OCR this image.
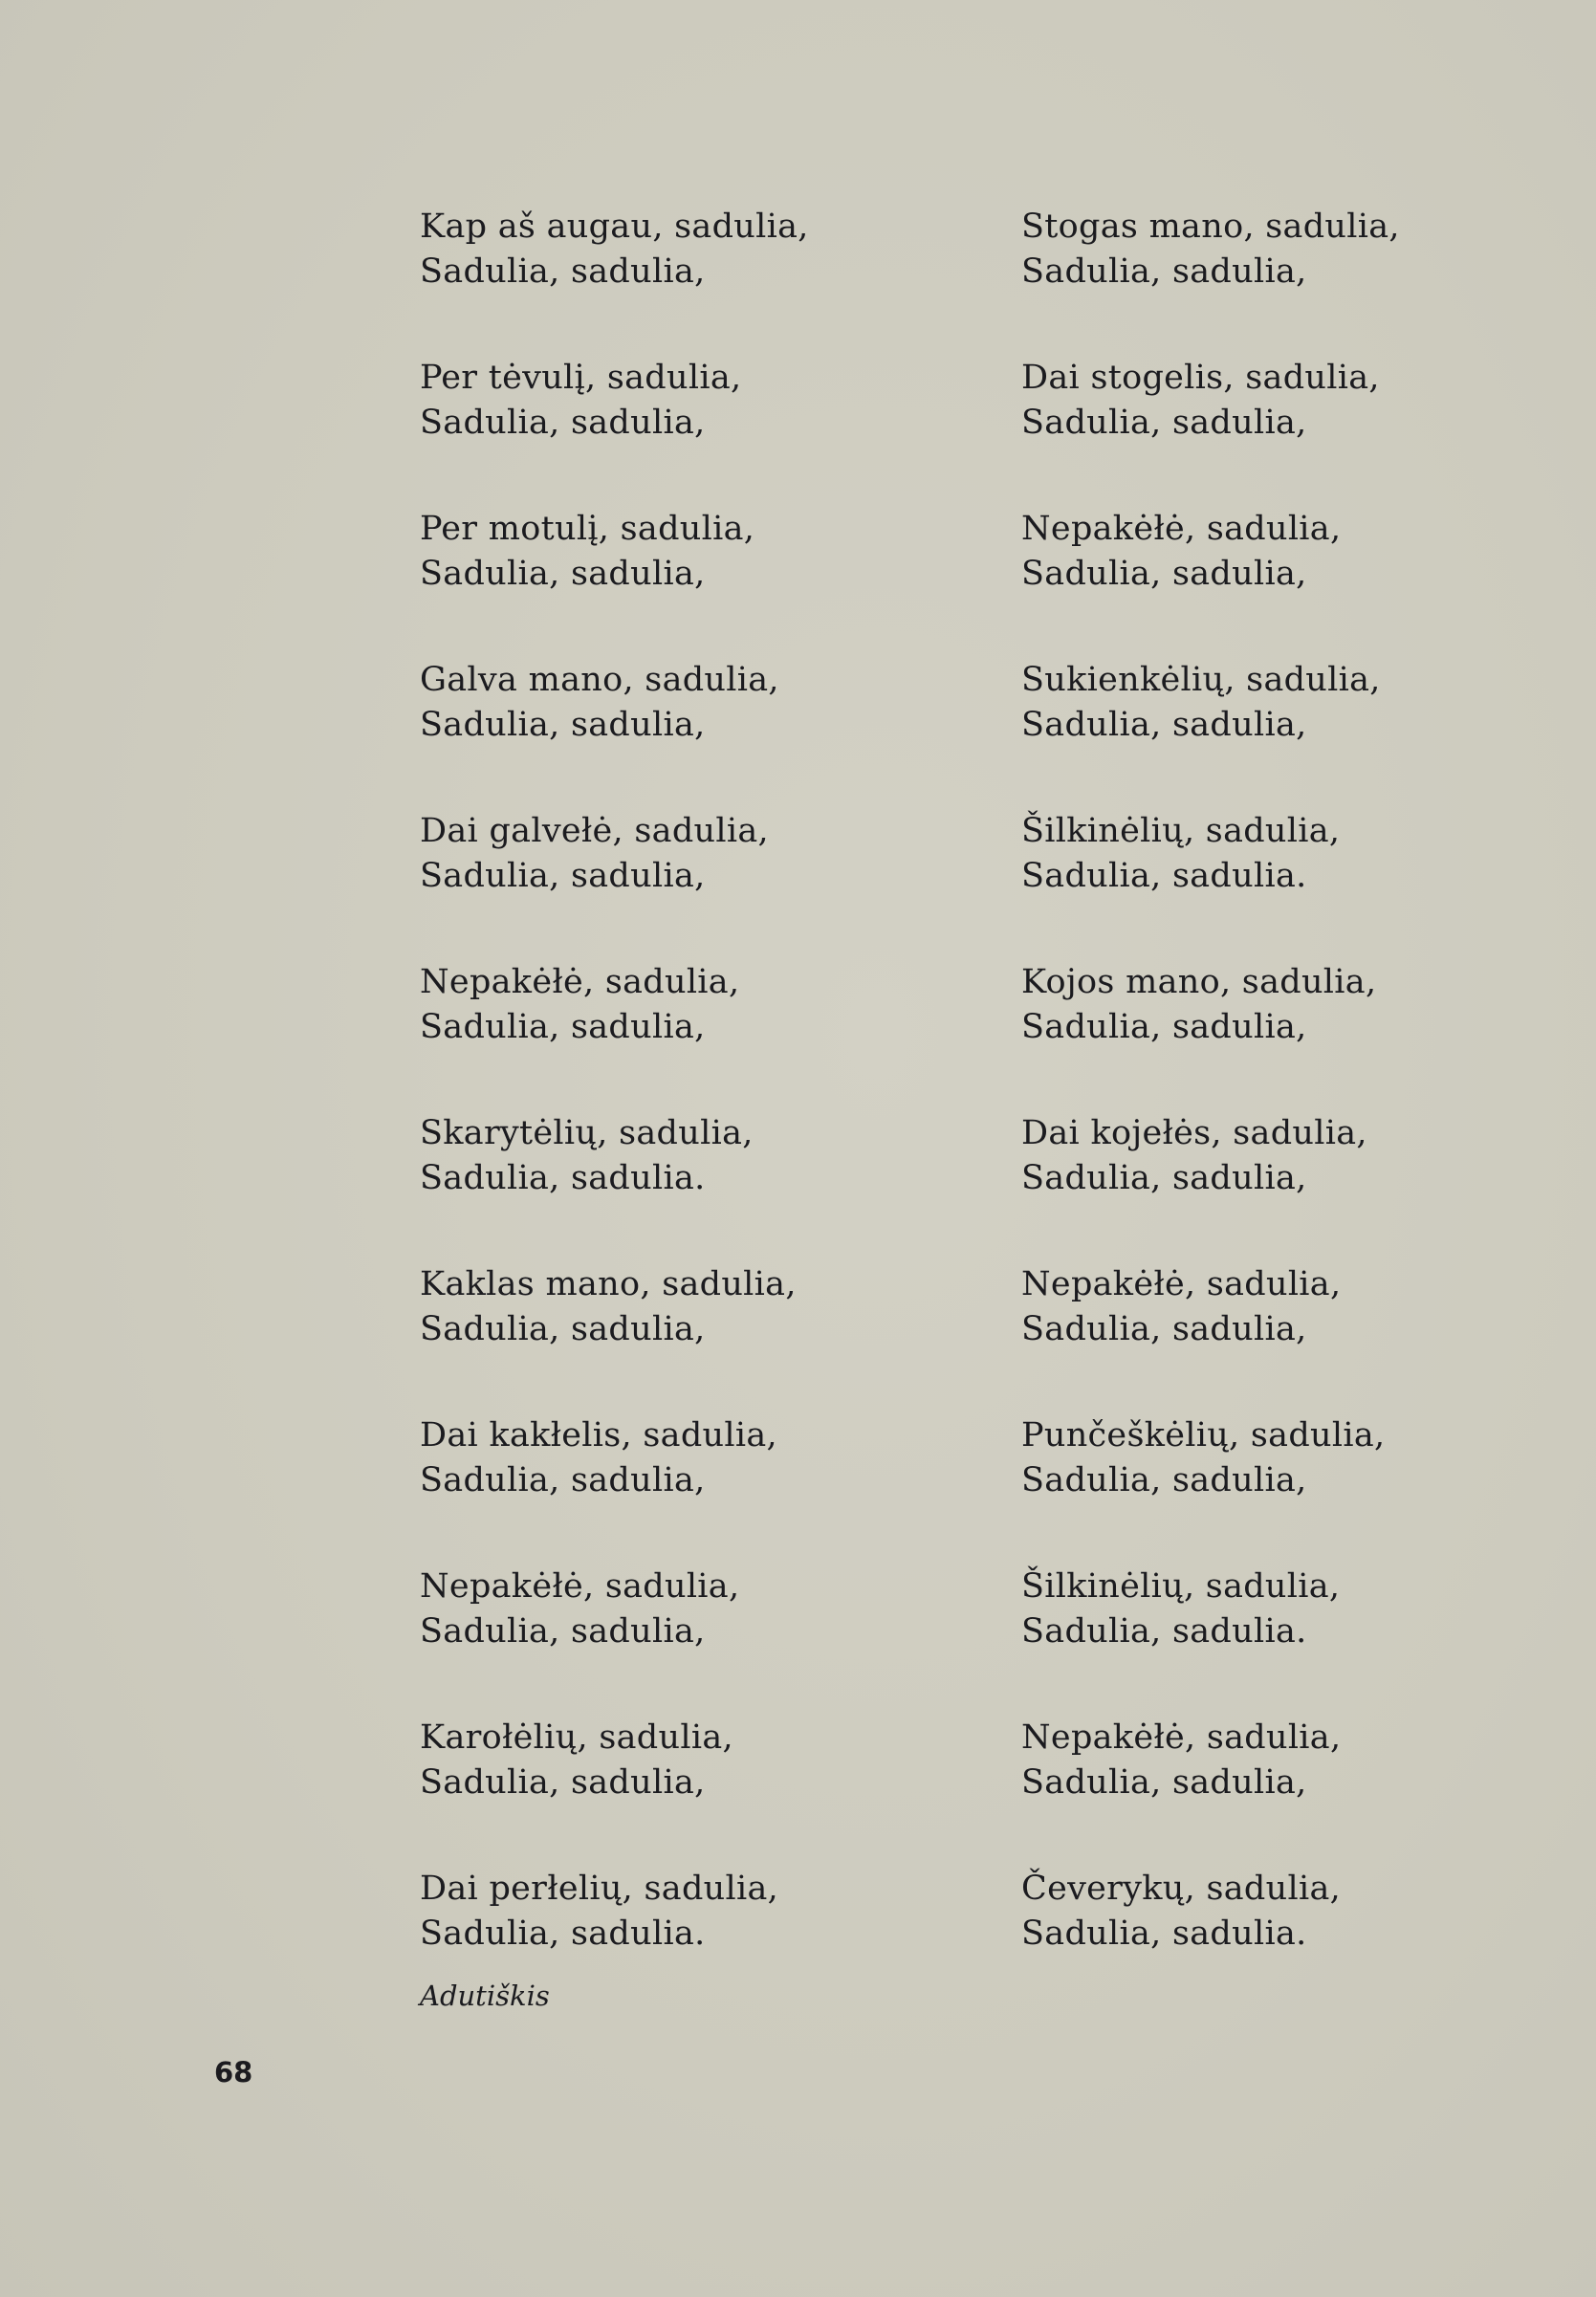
Kap aš augau, sadulia,
Sadulia, sadulia,
Per tėvulį, sadulia,
Sadulia, sadulia,
Per motulį, sadulia,
Sadulia, sadulia,
Galva mano, sadulia,
Sadulia, sadulia,
Dai galvełė, sadulia,
Sadulia, sadulia,
Nepakėłė, sadulia,
Sadulia, sadulia,
Skarytėlių, sadulia,
Sadulia, sadulia.
Kaklas mano, sadulia,
Sadulia, sadulia,
Dai kakłelis, sadulia,
Sadulia, sadulia,
Nepakėłė, sadulia,
Sadulia, sadulia,
Karołėlių, sadulia,
Sadulia, sadulia,
Dai perłelių, sadulia,
Sadulia, sadulia.
Stogas mano, sadulia,
Sadulia, sadulia,
Dai stogelis, sadulia,
Sadulia, sadulia,
Nepakėłė, sadulia,
Sadulia, sadulia,
Sukienkėlių, sadulia,
Sadulia, sadulia,
Šilkinėlių, sadulia,
Sadulia, sadulia.
Kojos mano, sadulia,
Sadulia, sadulia,
Dai kojełės, sadulia,
Sadulia, sadulia,
Nepakėłė, sadulia,
Sadulia, sadulia,
Punčeškėlių, sadulia,
Sadulia, sadulia,
Šilkinėlių, sadulia,
Sadulia, sadulia.
Nepakėłė, sadulia,
Sadulia, sadulia,
Čeverykų, sadulia,
Sadulia, sadulia.
Adutiškis
68
